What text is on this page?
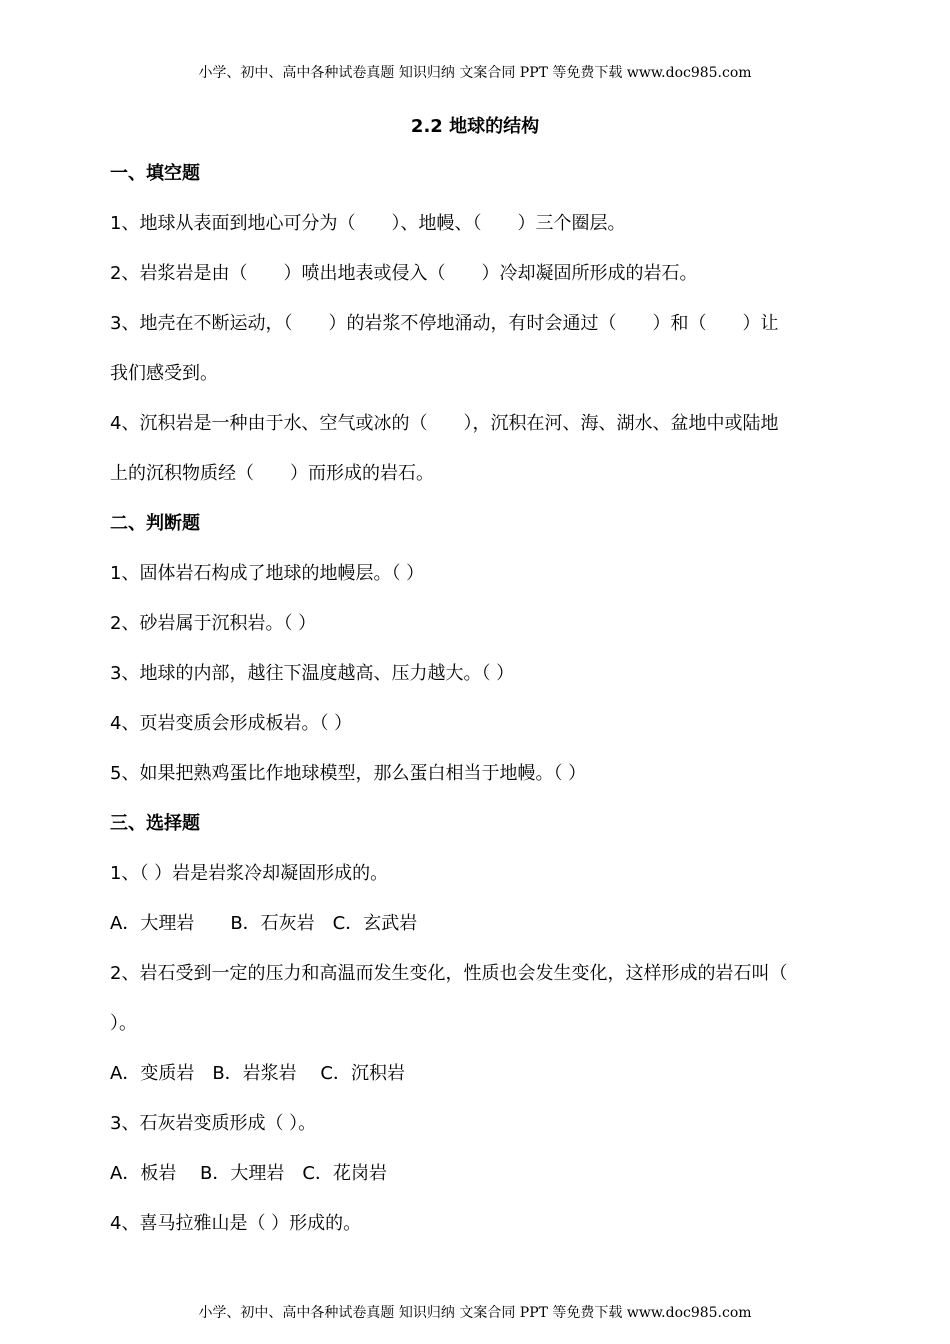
小学、初中、高中各种试卷真题 知识归纳 文案合同 PPT 等免费下载 www.doc985.com
2.2 地球的结构
一、填空题
1、地球从表面到地心可分为（　　）、地幔、（　　）三个圈层。
2、岩浆岩是由（　　）喷出地表或侵入（　　）冷却凝固所形成的岩石。
3、地壳在不断运动，（　　）的岩浆不停地涌动，有时会通过（　　）和（　　）让
我们感受到。
4、沉积岩是一种由于水、空气或冰的（　　），沉积在河、海、湖水、盆地中或陆地
上的沉积物质经（　　）而形成的岩石。
二、判断题
1、固体岩石构成了地球的地幔层。（ ）
2、砂岩属于沉积岩。（ ）
3、地球的内部，越往下温度越高、压力越大。（ ）
4、页岩变质会形成板岩。（ ）
5、如果把熟鸡蛋比作地球模型，那么蛋白相当于地幔。（ ）
三、选择题
1、（ ）岩是岩浆冷却凝固形成的。
A．大理岩　　B．石灰岩　C．玄武岩
2、岩石受到一定的压力和高温而发生变化，性质也会发生变化，这样形成的岩石叫（
）。
A．变质岩　B．岩浆岩　 C．沉积岩
3、石灰岩变质形成（ ）。
A．板岩　 B．大理岩　C．花岗岩
4、喜马拉雅山是（ ）形成的。
小学、初中、高中各种试卷真题 知识归纳 文案合同 PPT 等免费下载 www.doc985.com
